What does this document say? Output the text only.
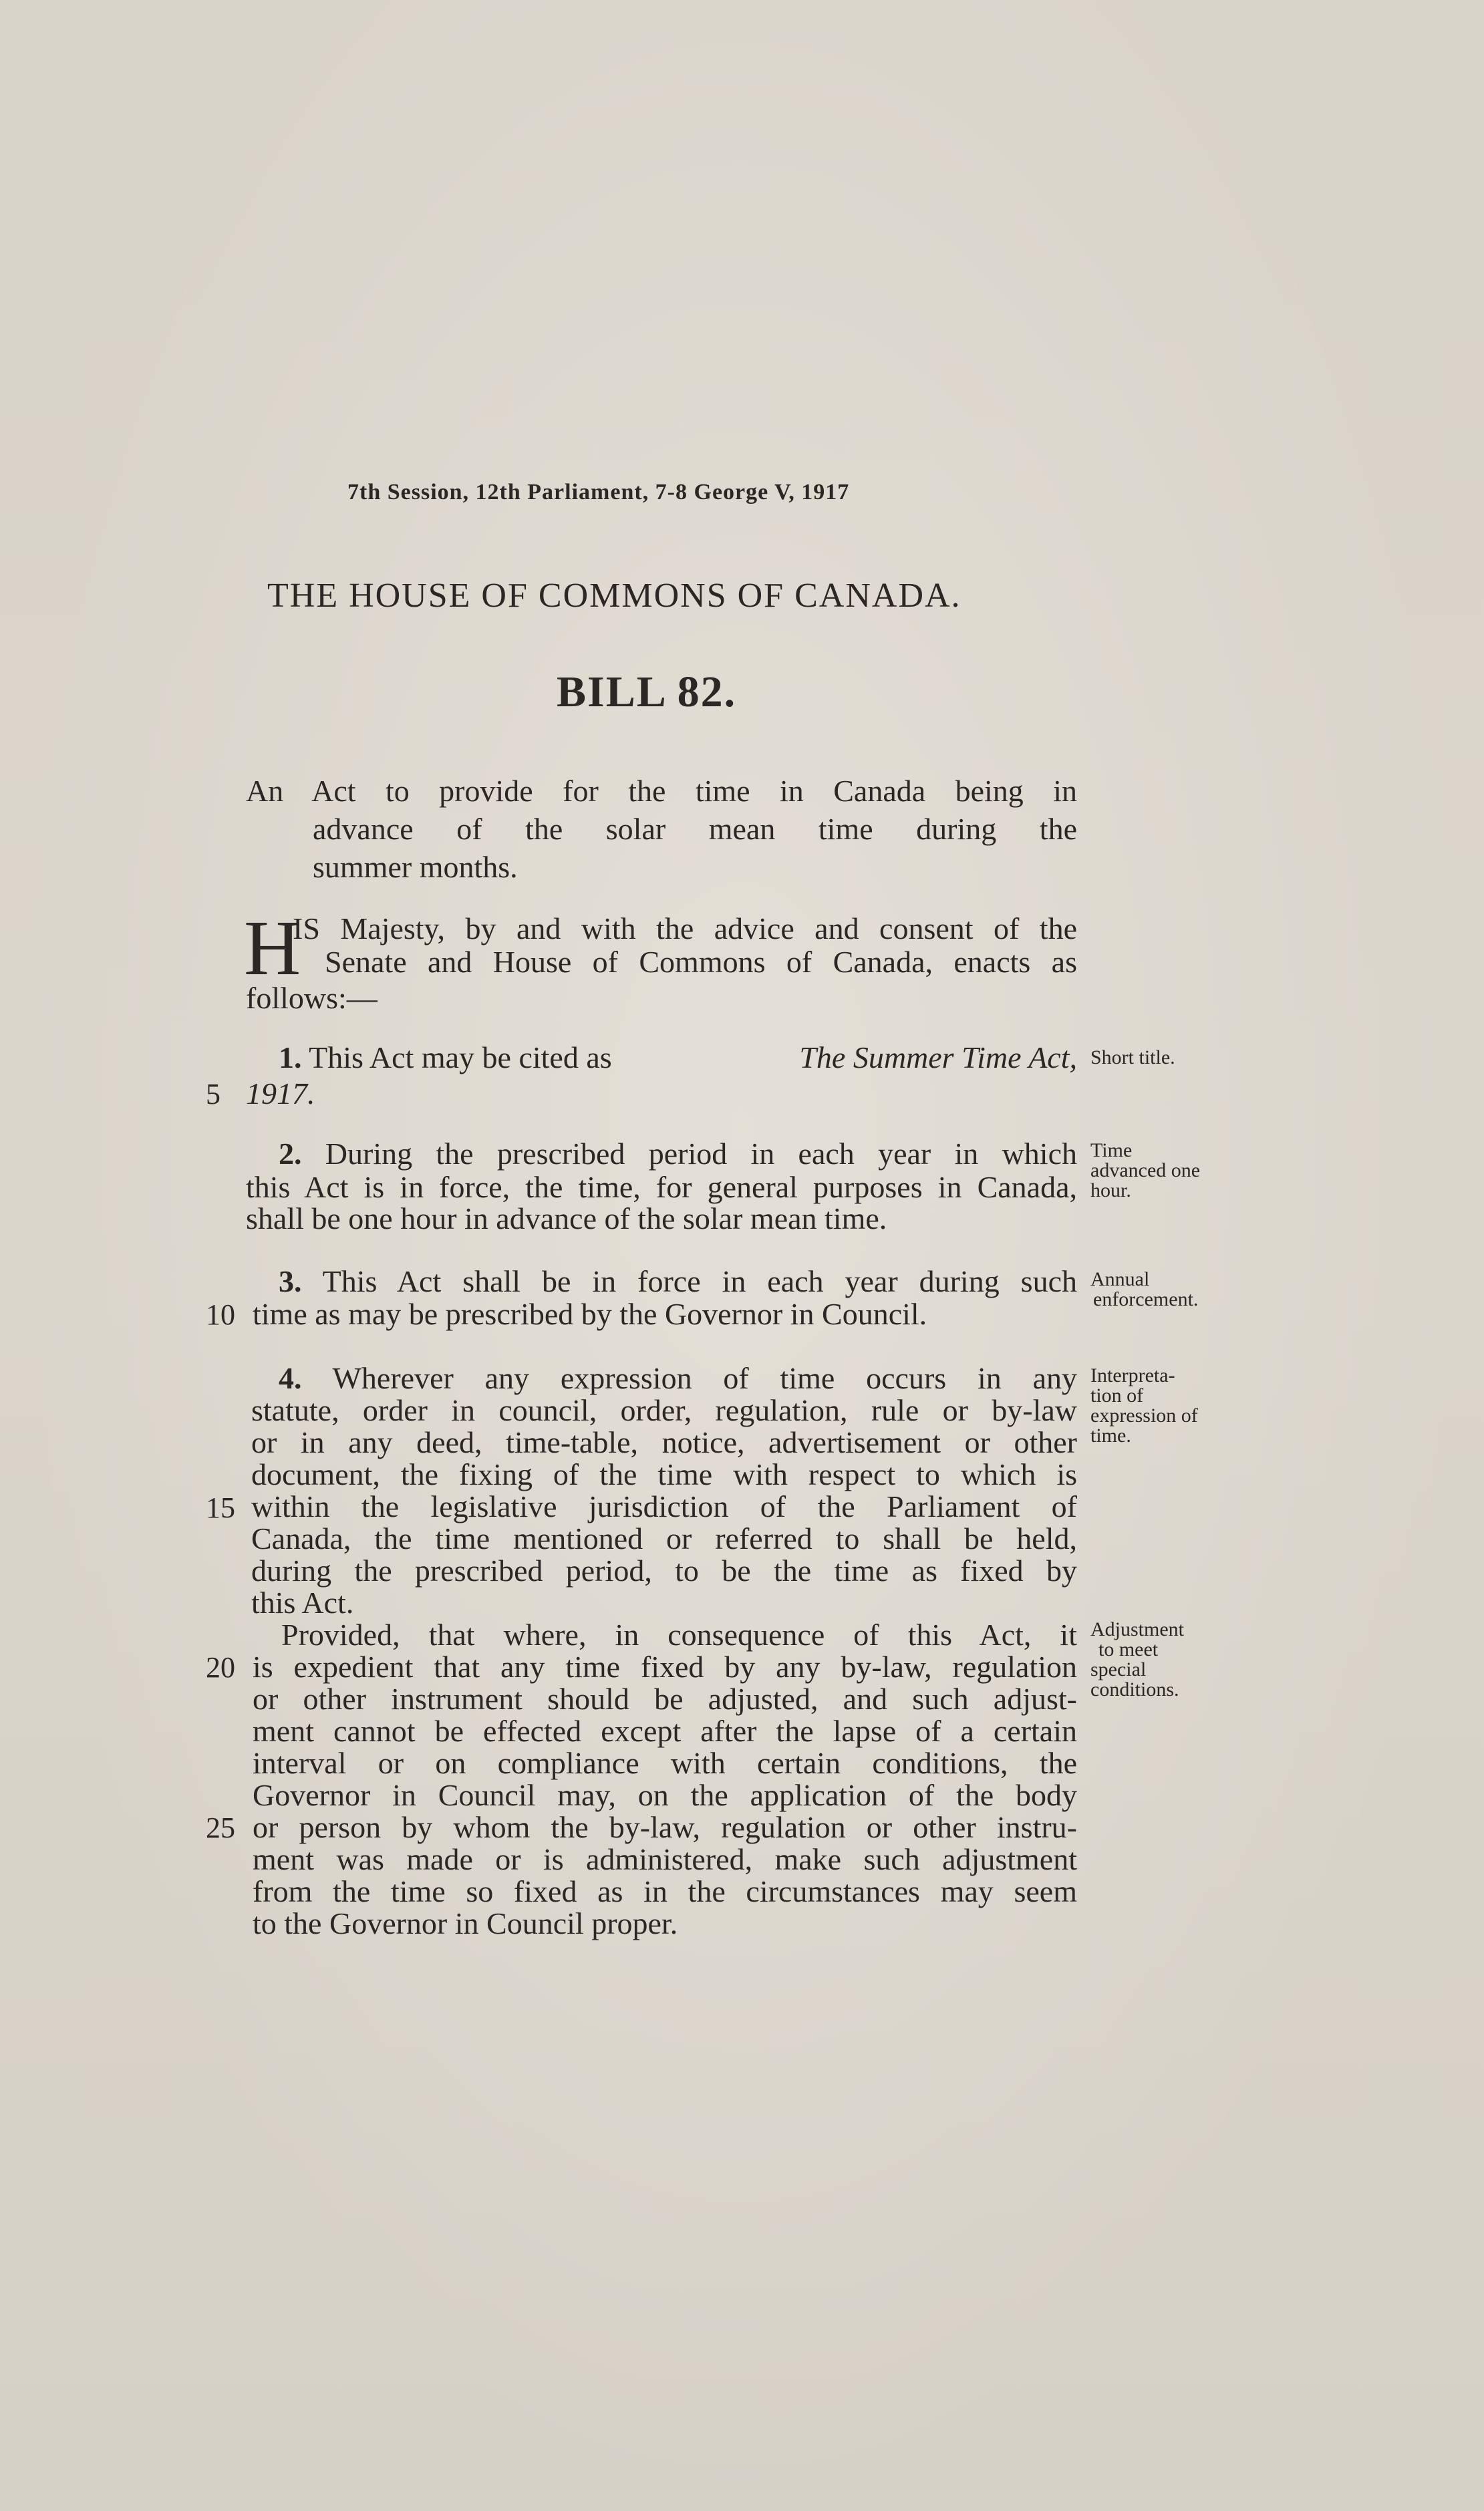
7th Session, 12th Parliament, 7-8 George V, 1917
THE HOUSE OF COMMONS OF CANADA.
BILL 82.
An Act to provide for the time in Canada being in
advance of the solar mean time during the
summer months.
H
IS Majesty, by and with the advice and consent of the
Senate and House of Commons of Canada, enacts as
follows:—
1. This Act may be cited as	The Summer Time Act,
5 1917.
Short title.
2. During the prescribed period in each year in which
this Act is in force, the time, for general purposes in Canada,
shall be one hour in advance of the solar mean time.
Time
advanced one
hour.
3. This Act shall be in force in each year during such
10 time as may be prescribed by the Governor in Council.
Annual
enforcement.
4. Wherever any expression of time occurs in any
statute, order in council, order, regulation, rule or by-law
or in any deed, time-table, notice, advertisement or other
document, the fixing of the time with respect to which is
15 within the legislative jurisdiction of the Parliament of
Canada, the time mentioned or referred to shall be held,
during the prescribed period, to be the time as fixed by
this Act.
Interpreta-
tion of
expression of
time.
Provided, that where, in consequence of this Act, it
20 is expedient that any time fixed by any by-law, regulation
or other instrument should be adjusted, and such adjust-
ment cannot be effected except after the lapse of a certain
interval or on compliance with certain conditions, the
Governor in Council may, on the application of the body
25 or person by whom the by-law, regulation or other instru-
ment was made or is administered, make such adjustment
from the time so fixed as in the circumstances may seem
to the Governor in Council proper.
Adjustment
to meet
special
conditions.
